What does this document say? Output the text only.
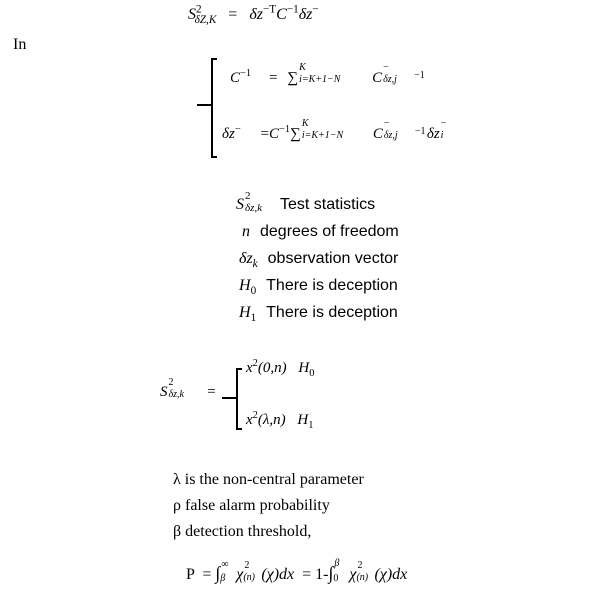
$S^2_{\delta Z,K} = \delta z^{-T}C^{-1}\delta z^-$
In
$C^{-1}$ = ∑
K
i=K+1−N C
−
δz,j −1
$\delta z^- =C^{-1}\sum$
K
i=K+1−N C
−
δz,j −1 δz
−
i
S 2
δz,k Test statistics
n degrees of freedom
$\delta z_k$ observation vector
$H_0$ There is deception
$H_1$ There is deception
S
2
δz,k =
$x^2(0,n)$ $H_0$
$x^2(\lambda,n)$ $H_1$
λ is the non-central parameter
ρ false alarm probability
β detection threshold,
P = ∫ ∞
β χ
2
(n) (χ)dx = 1-∫ β
0 χ
2
(n) (χ)dx
